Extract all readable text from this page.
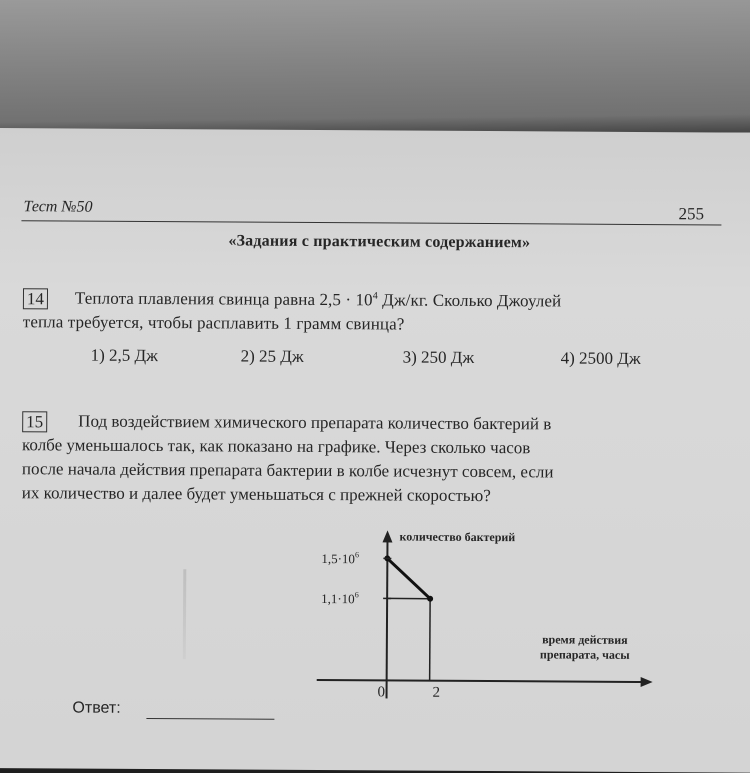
Тест №50	255
«Задания с практическим содержанием»
14 Теплота плавления свинца равна $2,5 \cdot 10^4$ Дж/кг. Сколько Джоулей
тепла требуется, чтобы расплавить 1 грамм свинца?
1) 2,5 Дж	2) 25 Дж	3) 250 Дж	4) 2500 Дж
15 Под воздействием химического препарата количество бактерий в
колбе уменьшалось так, как показано на графике. Через сколько часов
после начала действия препарата бактерии в колбе исчезнут совсем, если
их количество и далее будет уменьшаться с прежней скоростью?
$1,5\cdot 10^6$
$1,1\cdot 10^6$
0	2
количество бактерий
время действия
препарата, часы
Ответ:
